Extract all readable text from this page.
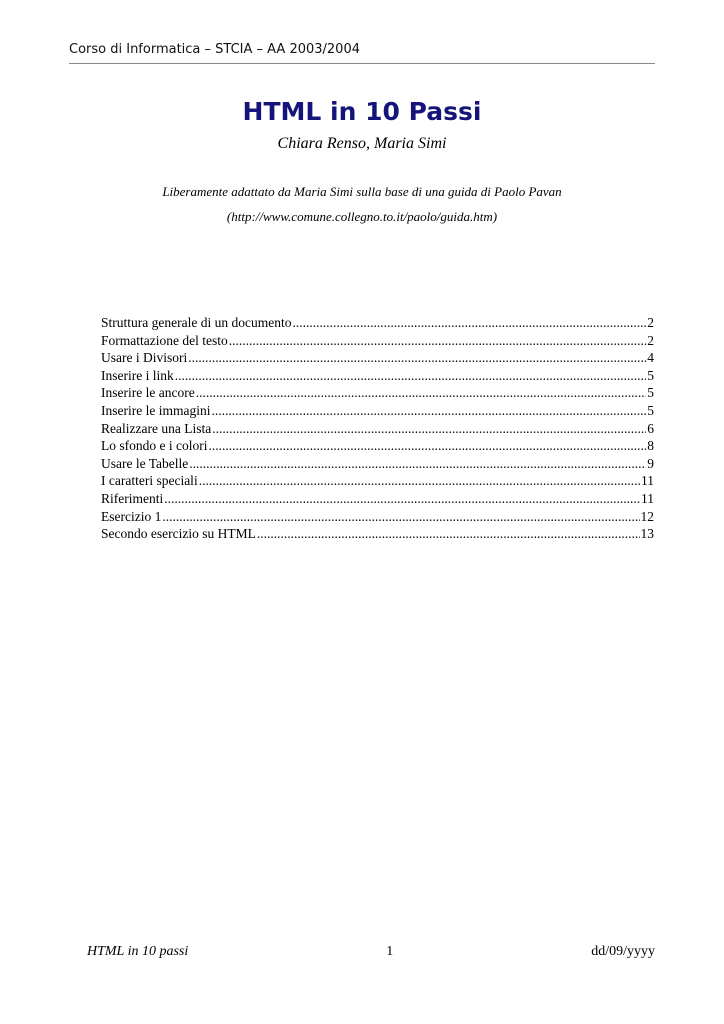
Corso di Informatica – STCIA – AA 2003/2004
HTML in 10 Passi
Chiara Renso, Maria Simi
Liberamente adattato da Maria Simi sulla base di una guida di Paolo Pavan
(http://www.comune.collegno.to.it/paolo/guida.htm)
Struttura generale di un documento .....	2
Formattazione del testo .....	2
Usare i Divisori .....	4
Inserire i link .....	5
Inserire le ancore .....	5
Inserire le immagini .....	5
Realizzare una Lista .....	6
Lo sfondo e i colori .....	8
Usare le Tabelle .....	9
I caratteri speciali .....	11
Riferimenti .....	11
Esercizio 1 .....	12
Secondo esercizio su HTML .....	13
HTML in 10 passi	1	dd/09/yyyy
